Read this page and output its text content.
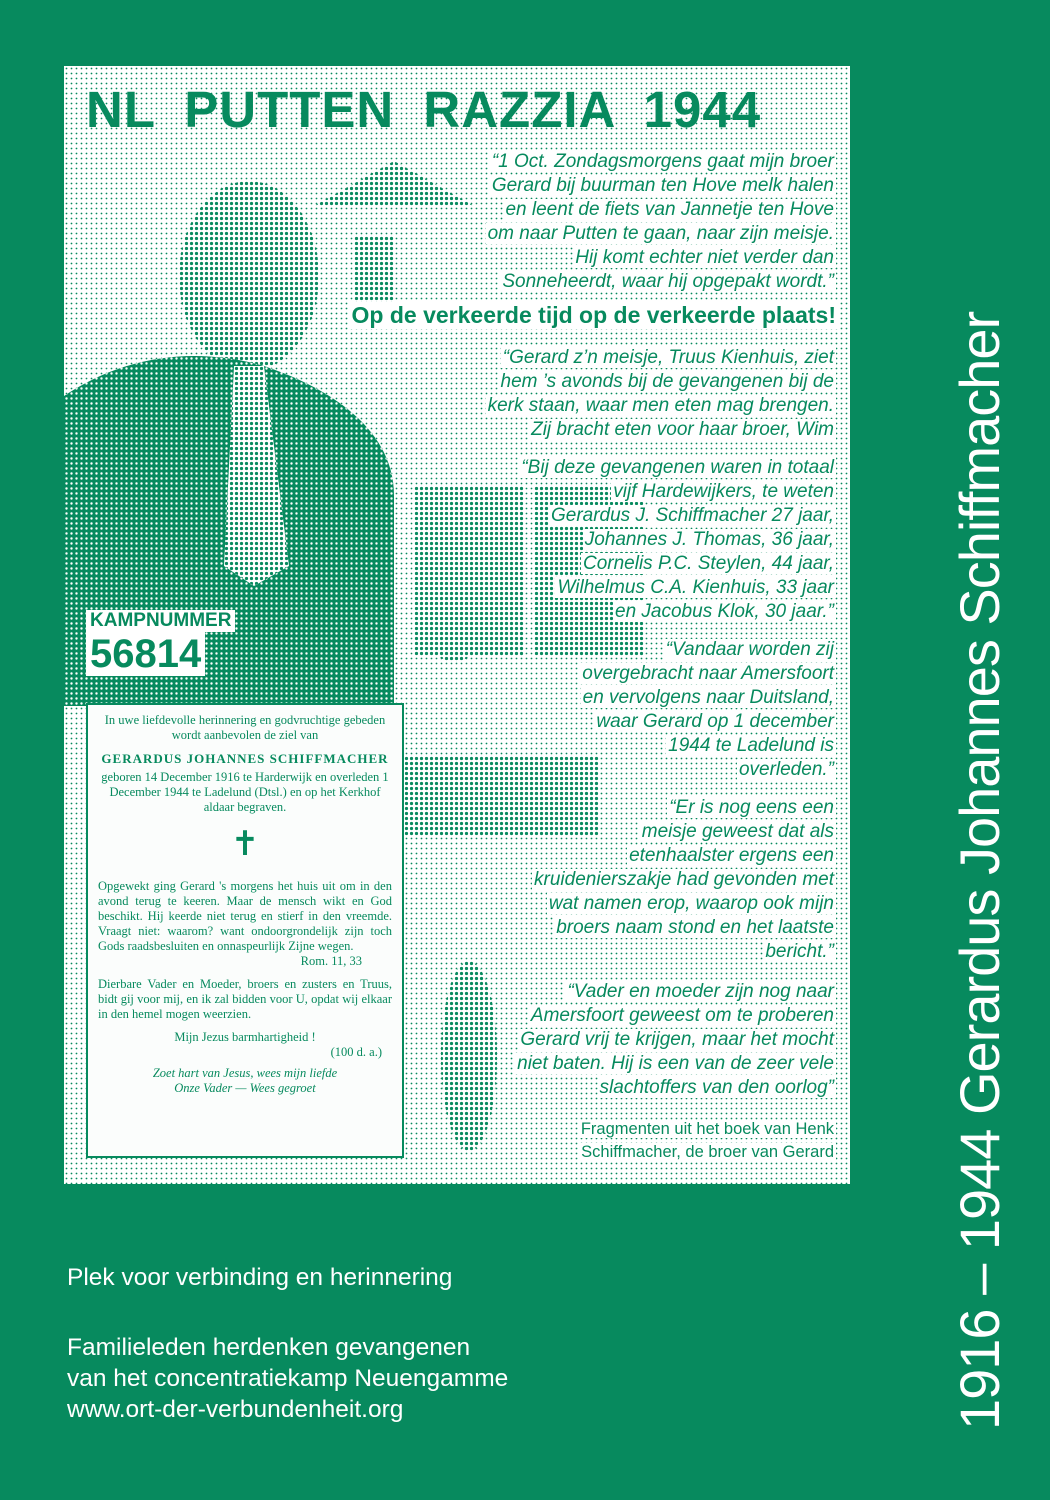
NL PUTTEN RAZZIA 1944
“1 Oct. Zondagsmorgens gaat mijn broer
Gerard bij buurman ten Hove melk halen
en leent de fiets van Jannetje ten Hove
om naar Putten te gaan, naar zijn meisje.
Hij komt echter niet verder dan
Sonneheerdt, waar hij opgepakt wordt.”
Op de verkeerde tijd op de verkeerde plaats!
“Gerard z’n meisje, Truus Kienhuis, ziet
hem ’s avonds bij de gevangenen bij de
kerk staan, waar men eten mag brengen.
Zij bracht eten voor haar broer, Wim
“Bij deze gevangenen waren in totaal
vijf Hardewijkers, te weten
Gerardus J. Schiffmacher 27 jaar,
Johannes J. Thomas, 36 jaar,
Cornelis P.C. Steylen, 44 jaar,
Wilhelmus C.A. Kienhuis, 33 jaar
en Jacobus Klok, 30 jaar.”
“Vandaar worden zij
overgebracht naar Amersfoort
en vervolgens naar Duitsland,
waar Gerard op 1 december
1944 te Ladelund is
overleden.”
“Er is nog eens een
meisje geweest dat als
etenhaalster ergens een
kruidenierszakje had gevonden met
wat namen erop, waarop ook mijn
broers naam stond en het laatste
bericht.”
“Vader en moeder zijn nog naar
Amersfoort geweest om te proberen
Gerard vrij te krijgen, maar het mocht
niet baten. Hij is een van de zeer vele
slachtoffers van den oorlog”
Fragmenten uit het boek van Henk
Schiffmacher, de broer van Gerard
KAMPNUMMER
56814
In uwe liefdevolle herinnering en godvruchtige gebeden wordt aanbevolen de ziel van
GERARDUS JOHANNES SCHIFFMACHER
geboren 14 December 1916 te Harderwijk en overleden 1 December 1944 te Ladelund (Dtsl.) en op het Kerkhof aldaar begraven.
✝
Opgewekt ging Gerard 's morgens het huis uit om in den avond terug te keeren. Maar de mensch wikt en God beschikt. Hij keerde niet terug en stierf in den vreemde. Vraagt niet: waarom? want ondoorgrondelijk zijn toch Gods raadsbesluiten en onnaspeurlijk Zijne wegen.
Rom. 11, 33
Dierbare Vader en Moeder, broers en zusters en Truus, bidt gij voor mij, en ik zal bidden voor U, opdat wij elkaar in den hemel mogen weerzien.
Mijn Jezus barmhartigheid !
(100 d. a.)
Zoet hart van Jesus, wees mijn liefde
Onze Vader — Wees gegroet
Plek voor verbinding en herinnering
Familieleden herdenken gevangenen
van het concentratiekamp Neuengamme
www.ort-der-verbundenheit.org	1916 – 1944 Gerardus Johannes Schiffmacher
